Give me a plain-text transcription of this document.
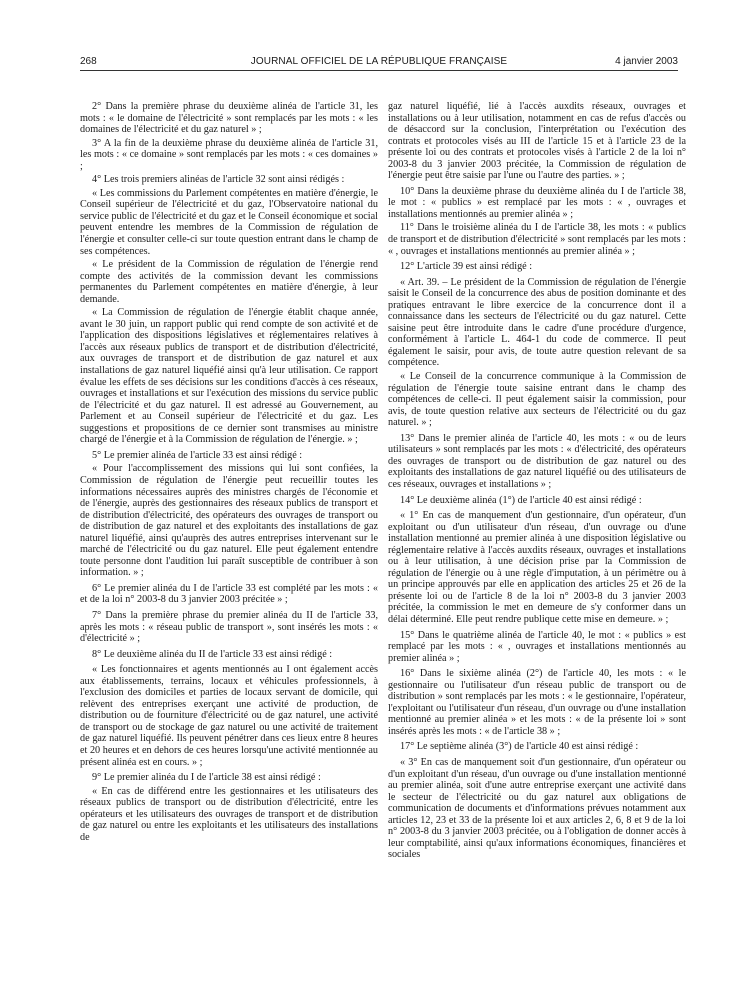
268	JOURNAL OFFICIEL DE LA RÉPUBLIQUE FRANÇAISE	4 janvier 2003

2° Dans la première phrase du deuxième alinéa de l'article 31, les mots : « le domaine de l'électricité » sont remplacés par les mots : « les domaines de l'électricité et du gaz naturel » ;

3° A la fin de la deuxième phrase du deuxième alinéa de l'article 31, les mots : « ce domaine » sont remplacés par les mots : « ces domaines » ;

4° Les trois premiers alinéas de l'article 32 sont ainsi rédigés :

« Les commissions du Parlement compétentes en matière d'énergie, le Conseil supérieur de l'électricité et du gaz, l'Observatoire national du service public de l'électricité et du gaz et le Conseil économique et social peuvent entendre les membres de la Commission de régulation de l'énergie et consulter celle-ci sur toute question entrant dans le champ de ses compétences.

« Le président de la Commission de régulation de l'énergie rend compte des activités de la commission devant les commissions permanentes du Parlement compétentes en matière d'énergie, à leur demande.

« La Commission de régulation de l'énergie établit chaque année, avant le 30 juin, un rapport public qui rend compte de son activité et de l'application des dispositions législatives et réglementaires relatives à l'accès aux réseaux publics de transport et de distribution d'électricité, aux ouvrages de transport et de distribution de gaz naturel et aux installations de gaz naturel liquéfié ainsi qu'à leur utilisation. Ce rapport évalue les effets de ses décisions sur les conditions d'accès à ces réseaux, ouvrages et installations et sur l'exécution des missions du service public de l'électricité et du gaz naturel. Il est adressé au Gouvernement, au Parlement et au Conseil supérieur de l'électricité et du gaz. Les suggestions et propositions de ce dernier sont transmises au ministre chargé de l'énergie et à la Commission de régulation de l'énergie. » ;

5° Le premier alinéa de l'article 33 est ainsi rédigé :

« Pour l'accomplissement des missions qui lui sont confiées, la Commission de régulation de l'énergie peut recueillir toutes les informations nécessaires auprès des ministres chargés de l'économie et de l'énergie, auprès des gestionnaires des réseaux publics de transport et de distribution d'électricité, des opérateurs des ouvrages de transport ou de distribution de gaz naturel et des exploitants des installations de gaz naturel liquéfié, ainsi qu'auprès des autres entreprises intervenant sur le marché de l'électricité ou du gaz naturel. Elle peut également entendre toute personne dont l'audition lui paraît susceptible de contribuer à son information. » ;

6° Le premier alinéa du I de l'article 33 est complété par les mots : « et de la loi n° 2003-8 du 3 janvier 2003 précitée » ;

7° Dans la première phrase du premier alinéa du II de l'article 33, après les mots : « réseau public de transport », sont insérés les mots : « d'électricité » ;

8° Le deuxième alinéa du II de l'article 33 est ainsi rédigé :

« Les fonctionnaires et agents mentionnés au I ont également accès aux établissements, terrains, locaux et véhicules professionnels, à l'exclusion des domiciles et parties de locaux servant de domicile, qui relèvent des entreprises exerçant une activité de production, de distribution ou de fourniture d'électricité ou de gaz naturel, une activité de transport ou de stockage de gaz naturel ou une activité de traitement de gaz naturel liquéfié. Ils peuvent pénétrer dans ces lieux entre 8 heures et 20 heures et en dehors de ces heures lorsqu'une activité mentionnée au présent alinéa est en cours. » ;

9° Le premier alinéa du I de l'article 38 est ainsi rédigé :

« En cas de différend entre les gestionnaires et les utilisateurs des réseaux publics de transport ou de distribution d'électricité, entre les opérateurs et les utilisateurs des ouvrages de transport et de distribution de gaz naturel ou entre les exploitants et les utilisateurs des installations de

gaz naturel liquéfié, lié à l'accès auxdits réseaux, ouvrages et installations ou à leur utilisation, notamment en cas de refus d'accès ou de désaccord sur la conclusion, l'interprétation ou l'exécution des contrats et protocoles visés au III de l'article 15 et à l'article 23 de la présente loi ou des contrats et protocoles visés à l'article 2 de la loi n° 2003-8 du 3 janvier 2003 précitée, la Commission de régulation de l'énergie peut être saisie par l'une ou l'autre des parties. » ;

10° Dans la deuxième phrase du deuxième alinéa du I de l'article 38, le mot : « publics » est remplacé par les mots : « , ouvrages et installations mentionnés au premier alinéa » ;

11° Dans le troisième alinéa du I de l'article 38, les mots : « publics de transport et de distribution d'électricité » sont remplacés par les mots : « , ouvrages et installations mentionnés au premier alinéa » ;

12° L'article 39 est ainsi rédigé :

« Art. 39. – Le président de la Commission de régulation de l'énergie saisit le Conseil de la concurrence des abus de position dominante et des pratiques entravant le libre exercice de la concurrence dont il a connaissance dans les secteurs de l'électricité ou du gaz naturel. Cette saisine peut être introduite dans le cadre d'une procédure d'urgence, conformément à l'article L. 464-1 du code de commerce. Il peut également le saisir, pour avis, de toute autre question relevant de sa compétence.

« Le Conseil de la concurrence communique à la Commission de régulation de l'énergie toute saisine entrant dans le champ des compétences de celle-ci. Il peut également saisir la commission, pour avis, de toute question relative aux secteurs de l'électricité ou du gaz naturel. » ;

13° Dans le premier alinéa de l'article 40, les mots : « ou de leurs utilisateurs » sont remplacés par les mots : « d'électricité, des opérateurs des ouvrages de transport ou de distribution de gaz naturel ou des exploitants des installations de gaz naturel liquéfié ou des utilisateurs de ces réseaux, ouvrages et installations » ;

14° Le deuxième alinéa (1°) de l'article 40 est ainsi rédigé :

« 1° En cas de manquement d'un gestionnaire, d'un opérateur, d'un exploitant ou d'un utilisateur d'un réseau, d'un ouvrage ou d'une installation mentionné au premier alinéa à une disposition législative ou réglementaire relative à l'accès auxdits réseaux, ouvrages et installations ou à leur utilisation, à une décision prise par la Commission de régulation de l'énergie ou à une règle d'imputation, à un périmètre ou à un principe approuvés par elle en application des articles 25 et 26 de la présente loi ou de l'article 8 de la loi n° 2003-8 du 3 janvier 2003 précitée, la commission le met en demeure de s'y conformer dans un délai déterminé. Elle peut rendre publique cette mise en demeure. » ;

15° Dans le quatrième alinéa de l'article 40, le mot : « publics » est remplacé par les mots : « , ouvrages et installations mentionnés au premier alinéa » ;

16° Dans le sixième alinéa (2°) de l'article 40, les mots : « le gestionnaire ou l'utilisateur d'un réseau public de transport ou de distribution » sont remplacés par les mots : « le gestionnaire, l'opérateur, l'exploitant ou l'utilisateur d'un réseau, d'un ouvrage ou d'une installation mentionné au premier alinéa » et les mots : « de la présente loi » sont insérés après les mots : « de l'article 38 » ;

17° Le septième alinéa (3°) de l'article 40 est ainsi rédigé :

« 3° En cas de manquement soit d'un gestionnaire, d'un opérateur ou d'un exploitant d'un réseau, d'un ouvrage ou d'une installation mentionné au premier alinéa, soit d'une autre entreprise exerçant une activité dans le secteur de l'électricité ou du gaz naturel aux obligations de communication de documents et d'informations prévues notamment aux articles 12, 23 et 33 de la présente loi et aux articles 2, 6, 8 et 9 de la loi n° 2003-8 du 3 janvier 2003 précitée, ou à l'obligation de donner accès à leur comptabilité, ainsi qu'aux informations économiques, financières et sociales
